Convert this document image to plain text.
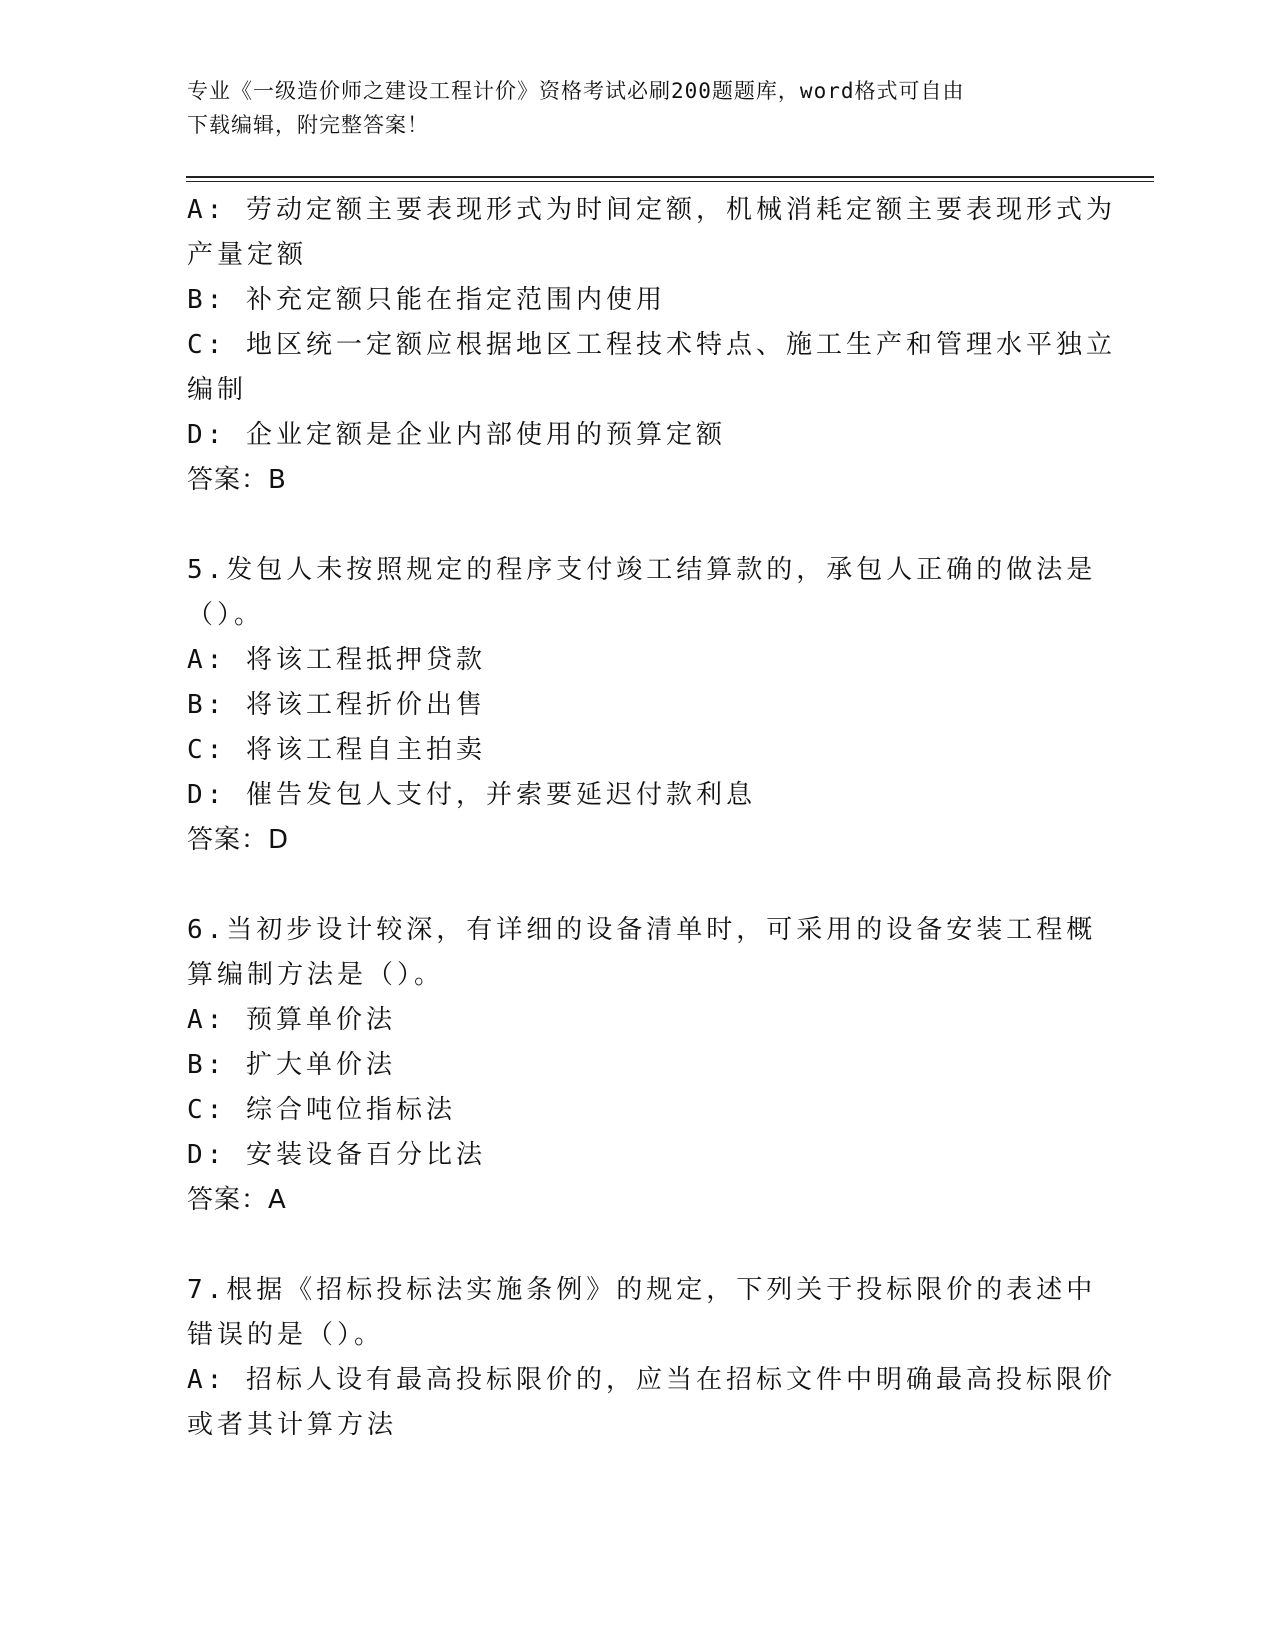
专业《一级造价师之建设工程计价》资格考试必刷200题题库，word格式可自由
下载编辑，附完整答案！
A: 劳动定额主要表现形式为时间定额，机械消耗定额主要表现形式为
产量定额
B: 补充定额只能在指定范围内使用
C: 地区统一定额应根据地区工程技术特点、施工生产和管理水平独立
编制
D: 企业定额是企业内部使用的预算定额
答案：B
5.发包人未按照规定的程序支付竣工结算款的，承包人正确的做法是
（）。
A: 将该工程抵押贷款
B: 将该工程折价出售
C: 将该工程自主拍卖
D: 催告发包人支付，并索要延迟付款利息
答案：D
6.当初步设计较深，有详细的设备清单时，可采用的设备安装工程概
算编制方法是（）。
A: 预算单价法
B: 扩大单价法
C: 综合吨位指标法
D: 安装设备百分比法
答案：A
7.根据《招标投标法实施条例》的规定，下列关于投标限价的表述中
错误的是（）。
A: 招标人设有最高投标限价的，应当在招标文件中明确最高投标限价
或者其计算方法
